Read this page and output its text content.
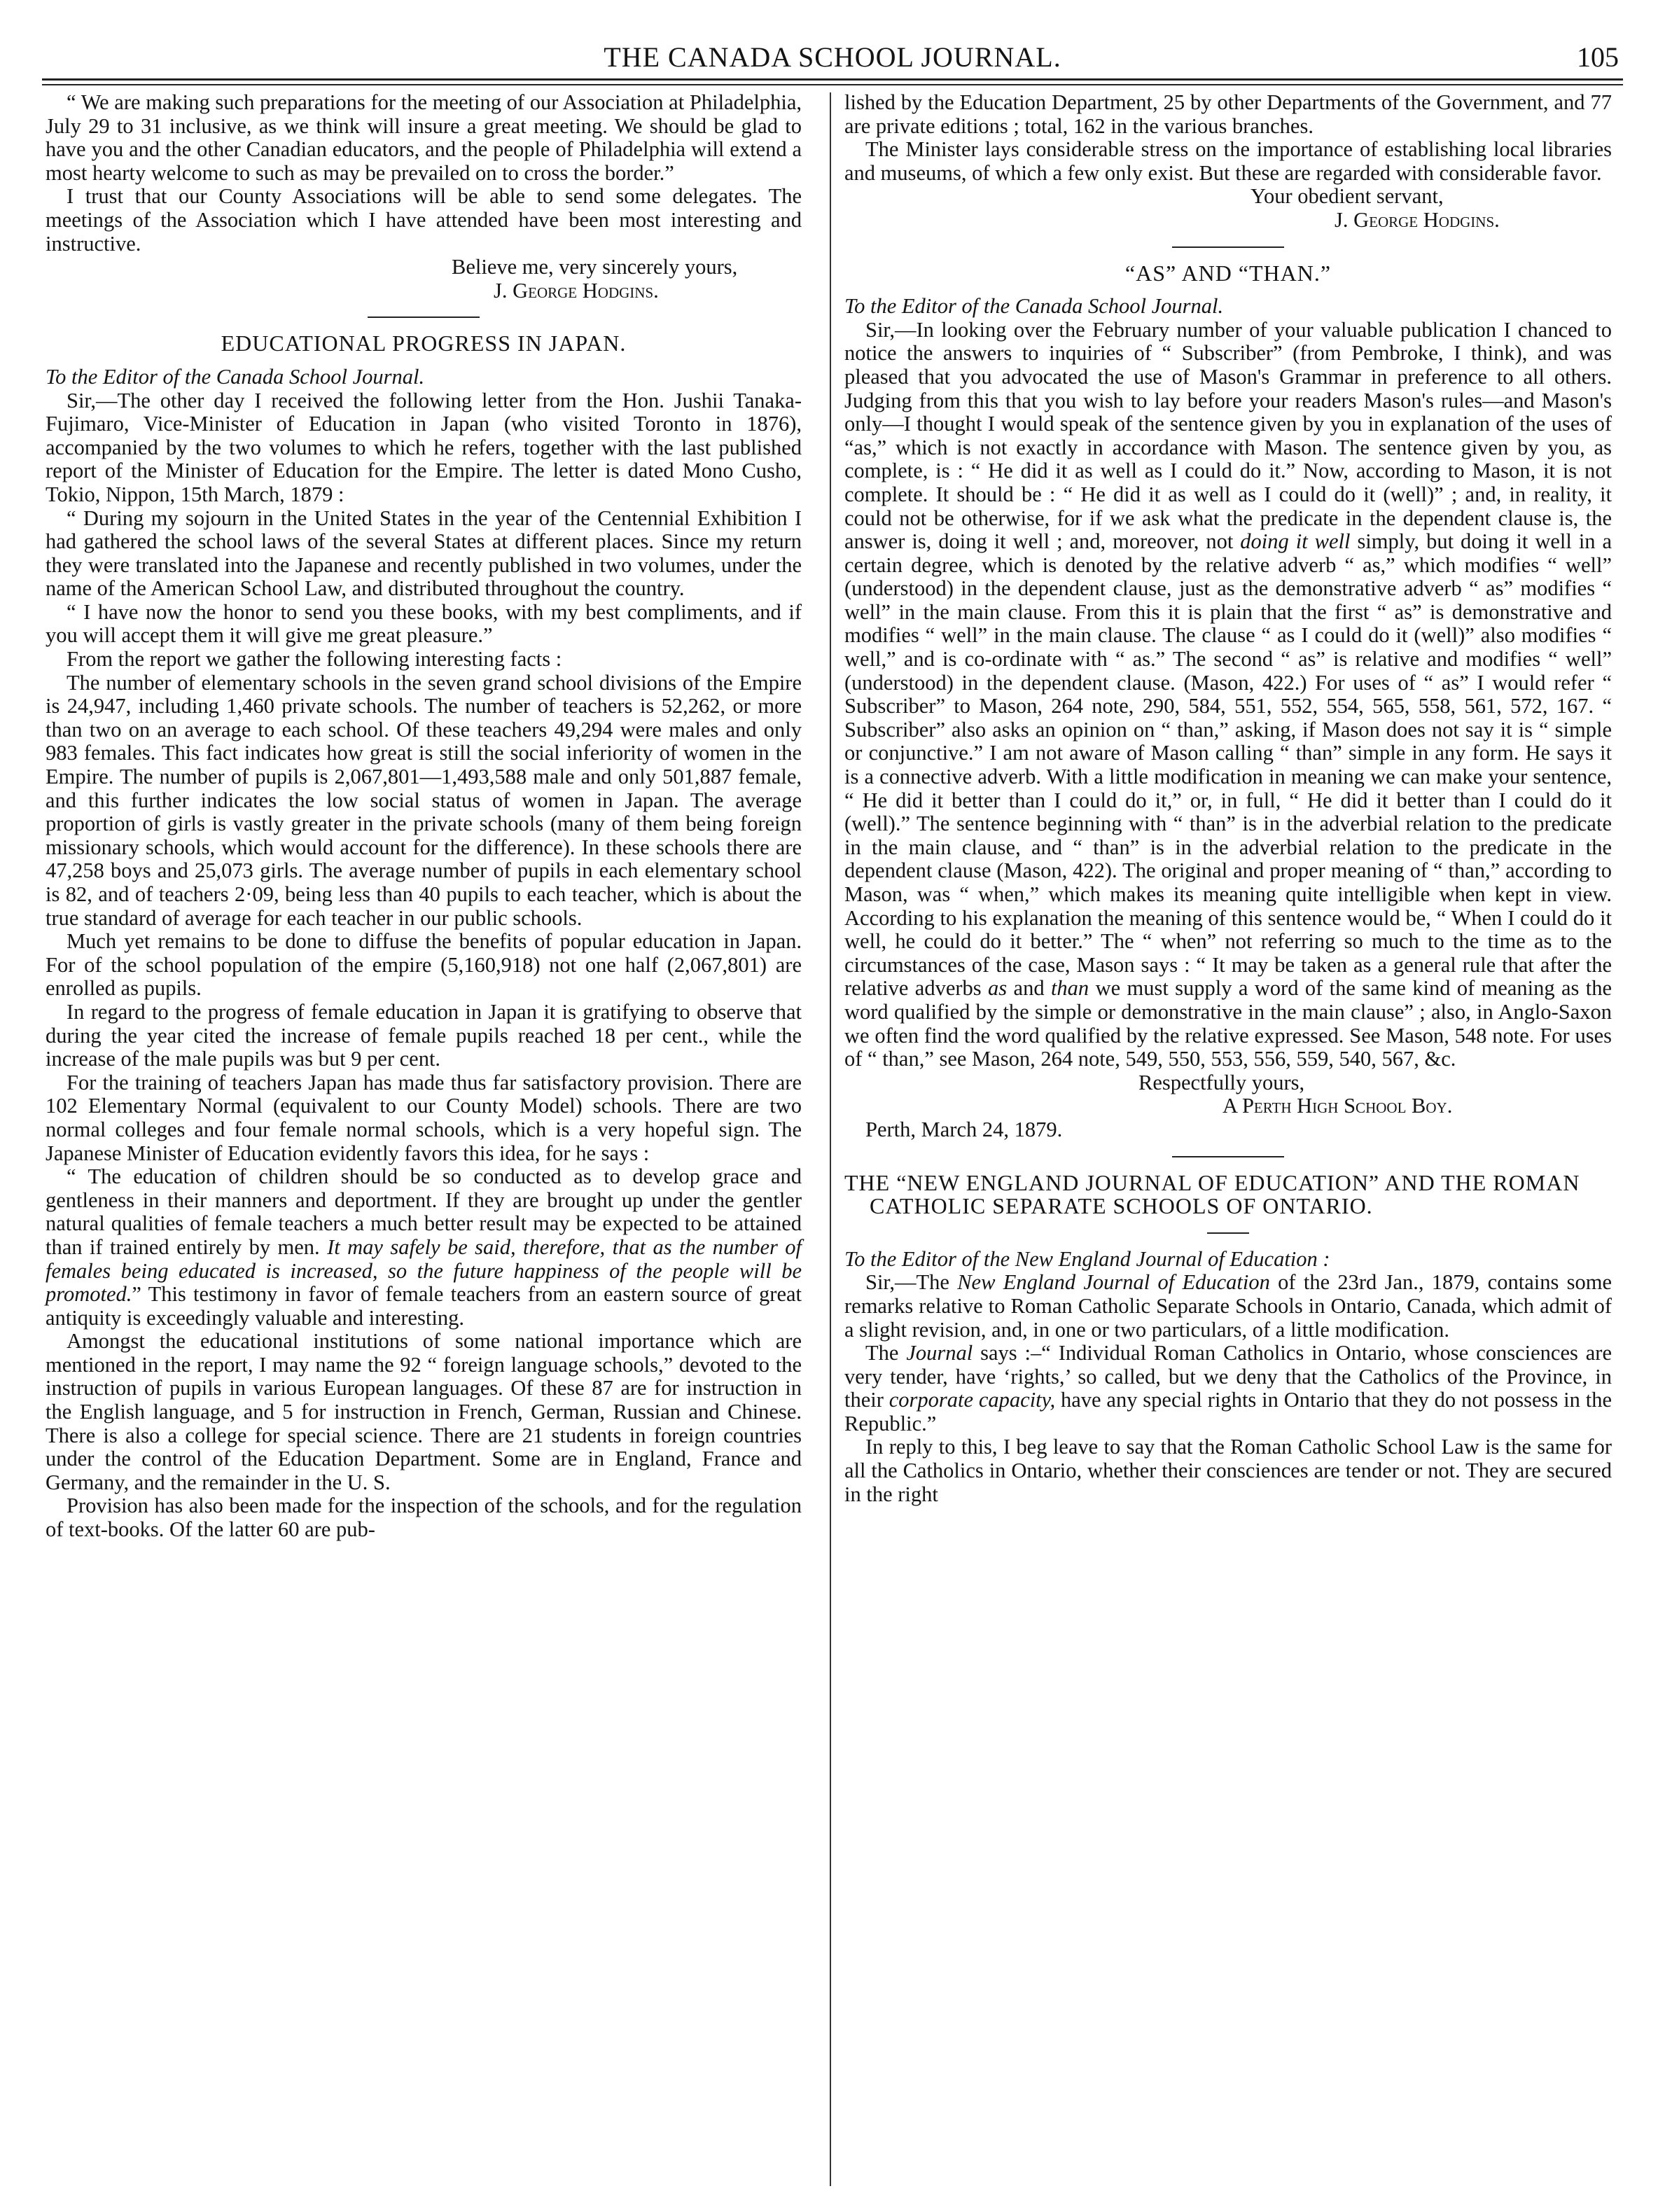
THE CANADA SCHOOL JOURNAL.	105

“ We are making such preparations for the meeting of our Association at Philadelphia, July 29 to 31 inclusive, as we think will insure a great meeting. We should be glad to have you and the other Canadian educators, and the people of Philadelphia will extend a most hearty welcome to such as may be prevailed on to cross the border.”

I trust that our County Associations will be able to send some delegates. The meetings of the Association which I have attended have been most interesting and instructive.

Believe me, very sincerely yours,

J. George Hodgins.

EDUCATIONAL PROGRESS IN JAPAN.

To the Editor of the Canada School Journal.

Sir,—The other day I received the following letter from the Hon. Jushii Tanaka-Fujimaro, Vice-Minister of Education in Japan (who visited Toronto in 1876), accompanied by the two volumes to which he refers, together with the last published report of the Minister of Education for the Empire. The letter is dated Mono Cusho, Tokio, Nippon, 15th March, 1879 :

“ During my sojourn in the United States in the year of the Centennial Exhibition I had gathered the school laws of the several States at different places. Since my return they were translated into the Japanese and recently published in two volumes, under the name of the American School Law, and distributed throughout the country.

“ I have now the honor to send you these books, with my best compliments, and if you will accept them it will give me great pleasure.”

From the report we gather the following interesting facts :

The number of elementary schools in the seven grand school divisions of the Empire is 24,947, including 1,460 private schools. The number of teachers is 52,262, or more than two on an average to each school. Of these teachers 49,294 were males and only 983 females. This fact indicates how great is still the social inferiority of women in the Empire. The number of pupils is 2,067,801—1,493,588 male and only 501,887 female, and this further indicates the low social status of women in Japan. The average proportion of girls is vastly greater in the private schools (many of them being foreign missionary schools, which would account for the difference). In these schools there are 47,258 boys and 25,073 girls. The average number of pupils in each elementary school is 82, and of teachers 2·09, being less than 40 pupils to each teacher, which is about the true standard of average for each teacher in our public schools.

Much yet remains to be done to diffuse the benefits of popular education in Japan. For of the school population of the empire (5,160,918) not one half (2,067,801) are enrolled as pupils.

In regard to the progress of female education in Japan it is gratifying to observe that during the year cited the increase of female pupils reached 18 per cent., while the increase of the male pupils was but 9 per cent.

For the training of teachers Japan has made thus far satisfactory provision. There are 102 Elementary Normal (equivalent to our County Model) schools. There are two normal colleges and four female normal schools, which is a very hopeful sign. The Japanese Minister of Education evidently favors this idea, for he says :

“ The education of children should be so conducted as to develop grace and gentleness in their manners and deportment. If they are brought up under the gentler natural qualities of female teachers a much better result may be expected to be attained than if trained entirely by men. It may safely be said, therefore, that as the number of females being educated is increased, so the future happiness of the people will be promoted.” This testimony in favor of female teachers from an eastern source of great antiquity is exceedingly valuable and interesting.

Amongst the educational institutions of some national importance which are mentioned in the report, I may name the 92 “ foreign language schools,” devoted to the instruction of pupils in various European languages. Of these 87 are for instruction in the English language, and 5 for instruction in French, German, Russian and Chinese. There is also a college for special science. There are 21 students in foreign countries under the control of the Education Department. Some are in England, France and Germany, and the remainder in the U. S.

Provision has also been made for the inspection of the schools, and for the regulation of text-books. Of the latter 60 are pub-

lished by the Education Department, 25 by other Departments of the Government, and 77 are private editions ; total, 162 in the various branches.

The Minister lays considerable stress on the importance of establishing local libraries and museums, of which a few only exist. But these are regarded with considerable favor.

Your obedient servant,

J. George Hodgins.

“AS” AND “THAN.”

To the Editor of the Canada School Journal.

Sir,—In looking over the February number of your valuable publication I chanced to notice the answers to inquiries of “ Subscriber” (from Pembroke, I think), and was pleased that you advocated the use of Mason's Grammar in preference to all others. Judging from this that you wish to lay before your readers Mason's rules—and Mason's only—I thought I would speak of the sentence given by you in explanation of the uses of “as,” which is not exactly in accordance with Mason. The sentence given by you, as complete, is : “ He did it as well as I could do it.” Now, according to Mason, it is not complete. It should be : “ He did it as well as I could do it (well)” ; and, in reality, it could not be otherwise, for if we ask what the predicate in the dependent clause is, the answer is, doing it well ; and, moreover, not doing it well simply, but doing it well in a certain degree, which is denoted by the relative adverb “ as,” which modifies “ well” (understood) in the dependent clause, just as the demonstrative adverb “ as” modifies “ well” in the main clause. From this it is plain that the first “ as” is demonstrative and modifies “ well” in the main clause. The clause “ as I could do it (well)” also modifies “ well,” and is co-ordinate with “ as.” The second “ as” is relative and modifies “ well” (understood) in the dependent clause. (Mason, 422.) For uses of “ as” I would refer “ Subscriber” to Mason, 264 note, 290, 584, 551, 552, 554, 565, 558, 561, 572, 167. “ Subscriber” also asks an opinion on “ than,” asking, if Mason does not say it is “ simple or conjunctive.” I am not aware of Mason calling “ than” simple in any form. He says it is a connective adverb. With a little modification in meaning we can make your sentence, “ He did it better than I could do it,” or, in full, “ He did it better than I could do it (well).” The sentence beginning with “ than” is in the adverbial relation to the predicate in the main clause, and “ than” is in the adverbial relation to the predicate in the dependent clause (Mason, 422). The original and proper meaning of “ than,” according to Mason, was “ when,” which makes its meaning quite intelligible when kept in view. According to his explanation the meaning of this sentence would be, “ When I could do it well, he could do it better.” The “ when” not referring so much to the time as to the circumstances of the case, Mason says : “ It may be taken as a general rule that after the relative adverbs as and than we must supply a word of the same kind of meaning as the word qualified by the simple or demonstrative in the main clause” ; also, in Anglo-Saxon we often find the word qualified by the relative expressed. See Mason, 548 note. For uses of “ than,” see Mason, 264 note, 549, 550, 553, 556, 559, 540, 567, &c.

Respectfully yours,

A Perth High School Boy.

Perth, March 24, 1879.

THE “NEW ENGLAND JOURNAL OF EDUCATION” AND THE ROMAN CATHOLIC SEPARATE SCHOOLS OF ONTARIO.

To the Editor of the New England Journal of Education :

Sir,—The New England Journal of Education of the 23rd Jan., 1879, contains some remarks relative to Roman Catholic Separate Schools in Ontario, Canada, which admit of a slight revision, and, in one or two particulars, of a little modification.

The Journal says :–“ Individual Roman Catholics in Ontario, whose consciences are very tender, have ‘rights,’ so called, but we deny that the Catholics of the Province, in their corporate capacity, have any special rights in Ontario that they do not possess in the Republic.”

In reply to this, I beg leave to say that the Roman Catholic School Law is the same for all the Catholics in Ontario, whether their consciences are tender or not. They are secured in the right
